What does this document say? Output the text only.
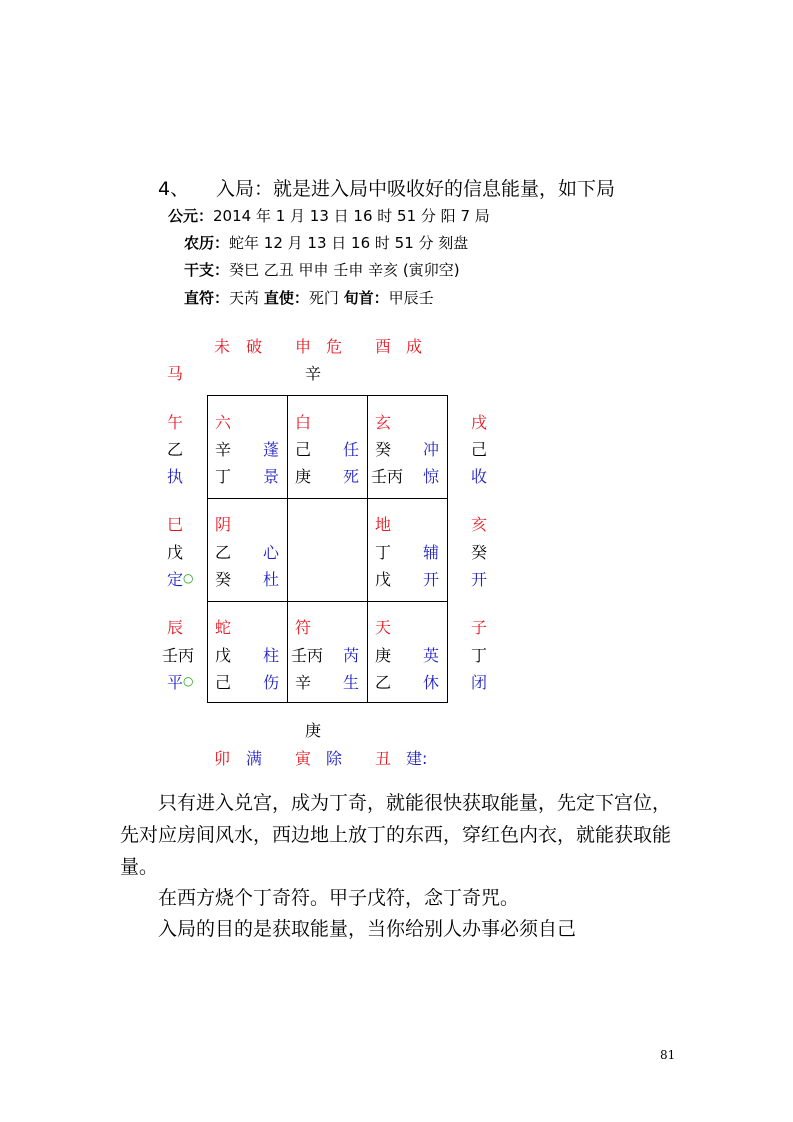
4、 入局：就是进入局中吸收好的信息能量，如下局
公元：2014 年 1 月 13 日 16 时 51 分 阳 7 局
农历：蛇年 12 月 13 日 16 时 51 分 刻盘
干支：癸巳 乙丑 甲申 壬申 辛亥 (寅卯空)
直符：天芮 直使：死门 旬首：甲辰壬
未 破 申 危 酉 成
马	辛
午
乙
执
巳
戊
定 ○
辰
壬丙
平 ○
戌
己
收
亥
癸
开
子
丁
闭
六
辛 蓬
丁 景
白
己 任
庚 死
玄
癸 冲
壬丙 惊
阴
乙 心
癸 杜
地
丁 辅
戊 开
蛇
戊 柱
己 伤
符
壬丙 芮
辛 生
天
庚 英
乙 休
庚
卯 满 寅 除 丑 建:
只有进入兑宫，成为丁奇，就能很快获取能量，先定下宫位，
先对应房间风水，西边地上放丁的东西，穿红色内衣，就能获取能
量。
在西方烧个丁奇符。甲子戊符，念丁奇咒。
入局的目的是获取能量，当你给别人办事必须自己
81
